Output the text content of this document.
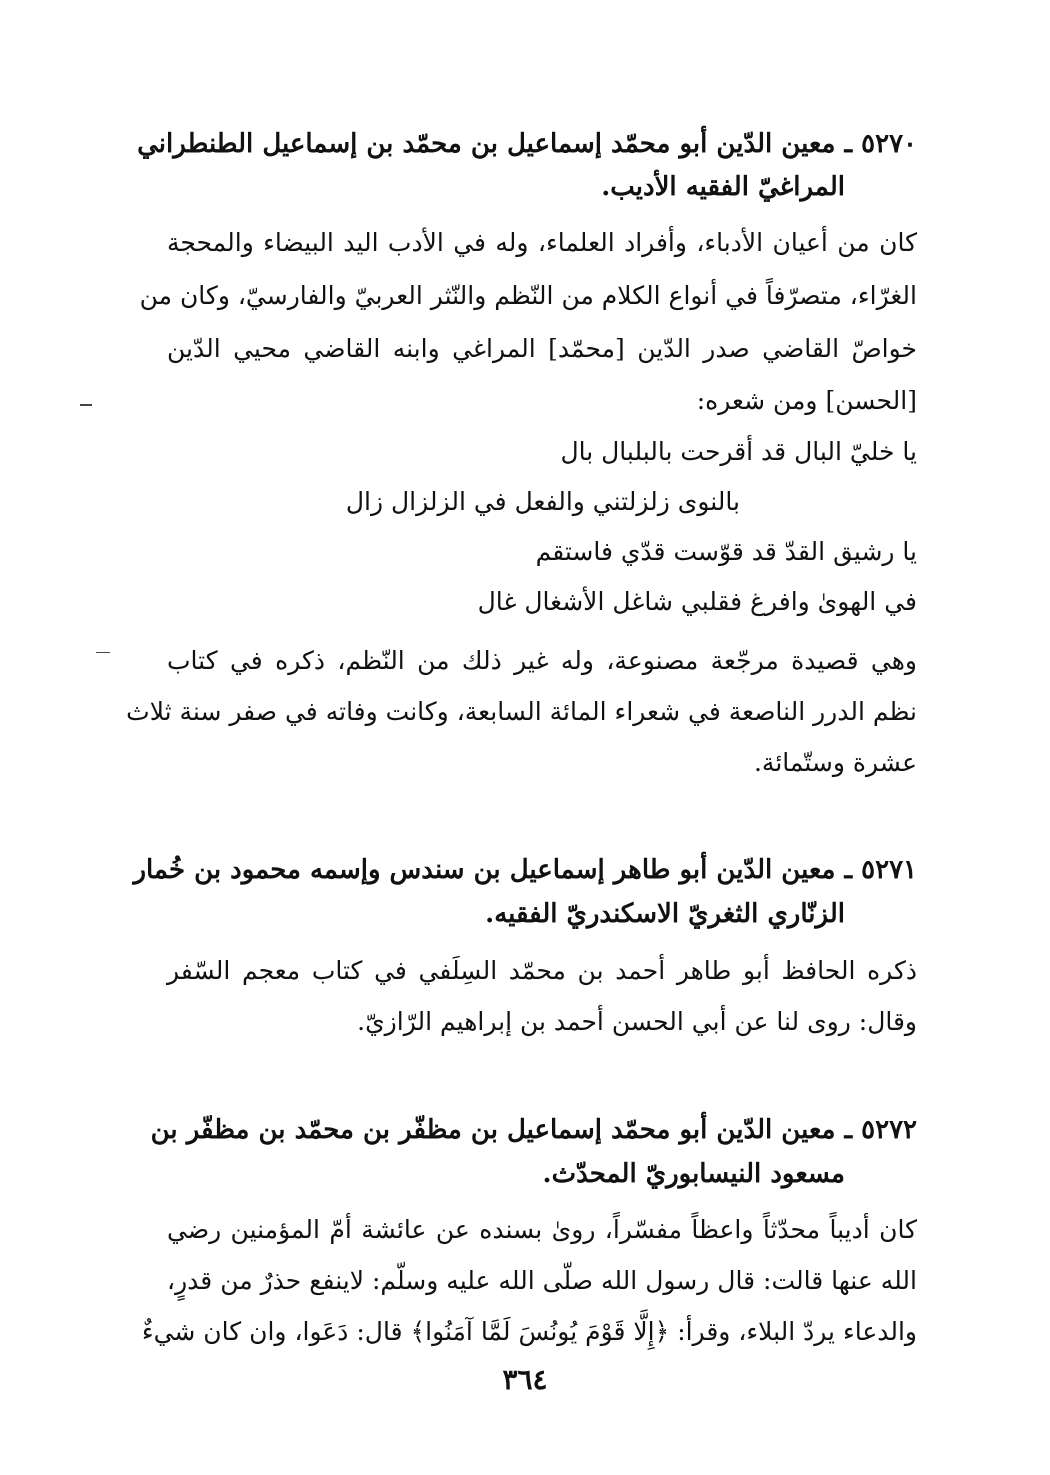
٥٢٧٠ ـ معين الدّين أبو محمّد إسماعيل بن محمّد بن إسماعيل الطنطراني
المراغيّ الفقيه الأديب.
كان من أعيان الأدباء، وأفراد العلماء، وله في الأدب اليد البيضاء والمحجة
الغرّاء، متصرّفاً في أنواع الكلام من النّظم والنّثر العربيّ والفارسيّ، وكان من
خواصّ القاضي صدر الدّين [محمّد] المراغي وابنه القاضي محيي الدّين
[الحسن] ومن شعره:
يا خليّ البال قد أقرحت بالبلبال بال
بالنوى زلزلتني والفعل في الزلزال زال
يا رشيق القدّ قد قوّست قدّي فاستقم
في الهوىٰ وافرغ فقلبي شاغل الأشغال غال
وهي قصيدة مرجّعة مصنوعة، وله غير ذلك من النّظم، ذكره في كتاب
نظم الدرر الناصعة في شعراء المائة السابعة، وكانت وفاته في صفر سنة ثلاث
عشرة وستّمائة.
٥٢٧١ ـ معين الدّين أبو طاهر إسماعيل بن سندس وإسمه محمود بن خُمار
الزنّاري الثغريّ الاسكندريّ الفقيه.
ذكره الحافظ أبو طاهر أحمد بن محمّد السِلَفي في كتاب معجم السّفر
وقال: روى لنا عن أبي الحسن أحمد بن إبراهيم الرّازيّ.
٥٢٧٢ ـ معين الدّين أبو محمّد إسماعيل بن مظفّر بن محمّد بن مظفّر بن
مسعود النيسابوريّ المحدّث.
كان أديباً محدّثاً واعظاً مفسّراً، روىٰ بسنده عن عائشة أمّ المؤمنين رضي
الله عنها قالت: قال رسول الله صلّى الله عليه وسلّم: لاينفع حذرٌ من قدرٍ،
والدعاء يردّ البلاء، وقرأ: ﴿إِلَّا قَوْمَ يُونُسَ لَمَّا آمَنُوا﴾ قال: دَعَوا، وان كان شيءٌ
٣٦٤
